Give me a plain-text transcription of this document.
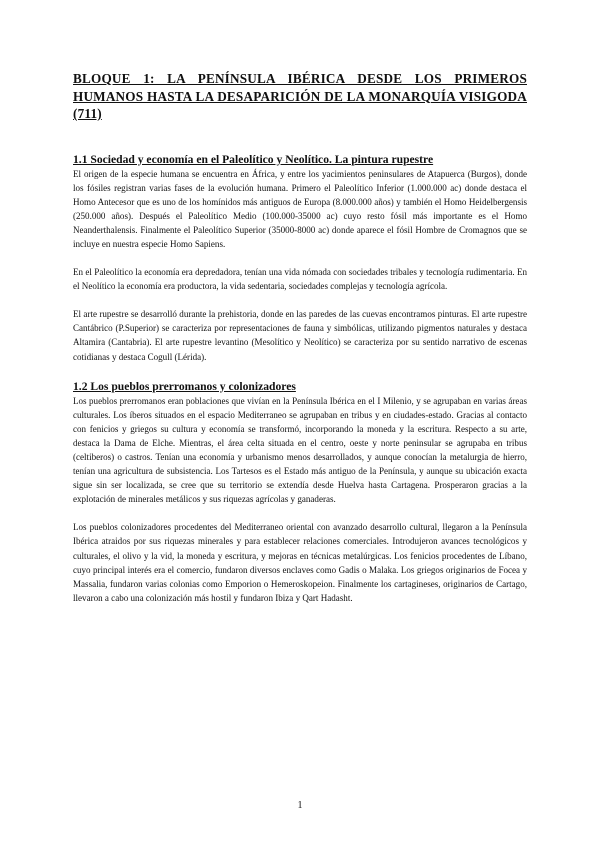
BLOQUE 1: LA PENÍNSULA IBÉRICA DESDE LOS PRIMEROS HUMANOS HASTA LA DESAPARICIÓN DE LA MONARQUÍA VISIGODA (711)
1.1 Sociedad y economía en el Paleolítico y Neolítico. La pintura rupestre

El origen de la especie humana se encuentra en África, y entre los yacimientos peninsulares de Atapuerca (Burgos), donde los fósiles registran varias fases de la evolución humana. Primero el Paleolítico Inferior (1.000.000 ac) donde destaca el Homo Antecesor que es uno de los homínidos más antiguos de Europa (8.000.000 años) y también el Homo Heidelbergensis (250.000 años). Después el Paleolítico Medio (100.000-35000 ac) cuyo resto fósil más importante es el Homo Neanderthalensis. Finalmente el Paleolítico Superior (35000-8000 ac) donde aparece el fósil Hombre de Cromagnos que se incluye en nuestra especie Homo Sapiens.

En el Paleolítico la economía era depredadora, tenían una vida nómada con sociedades tribales y tecnología rudimentaria. En el Neolítico la economía era productora, la vida sedentaria, sociedades complejas y tecnología agrícola.

El arte rupestre se desarrolló durante la prehistoria, donde en las paredes de las cuevas encontramos pinturas. El arte rupestre Cantábrico (P.Superior) se caracteriza por representaciones de fauna y simbólicas, utilizando pigmentos naturales y destaca Altamira (Cantabria). El arte rupestre levantino (Mesolítico y Neolítico) se caracteriza por su sentido narrativo de escenas cotidianas y destaca Cogull (Lérida).

1.2 Los pueblos prerromanos y colonizadores

Los pueblos prerromanos eran poblaciones que vivían en la Península Ibérica en el I Milenio, y se agrupaban en varias áreas culturales. Los íberos situados en el espacio Mediterraneo se agrupaban en tribus y en ciudades-estado. Gracias al contacto con fenicios y griegos su cultura y economía se transformó, incorporando la moneda y la escritura. Respecto a su arte, destaca la Dama de Elche. Mientras, el área celta situada en el centro, oeste y norte peninsular se agrupaba en tribus (celtiberos) o castros. Tenían una economía y urbanismo menos desarrollados, y aunque conocían la metalurgia de hierro, tenían una agricultura de subsistencia. Los Tartesos es el Estado más antiguo de la Península, y aunque su ubicación exacta sigue sin ser localizada, se cree que su territorio se extendía desde Huelva hasta Cartagena. Prosperaron gracias a la explotación de minerales metálicos y sus riquezas agrícolas y ganaderas.

Los pueblos colonizadores procedentes del Mediterraneo oriental con avanzado desarrollo cultural, llegaron a la Península Ibérica atraidos por sus riquezas minerales y para establecer relaciones comerciales. Introdujeron avances tecnológicos y culturales, el olivo y la vid, la moneda y escritura, y mejoras en técnicas metalúrgicas. Los fenicios procedentes de Líbano, cuyo principal interés era el comercio, fundaron diversos enclaves como Gadis o Malaka. Los griegos originarios de Focea y Massalia, fundaron varias colonias como Emporion o Hemeroskopeion. Finalmente los cartagineses, originarios de Cartago, llevaron a cabo una colonización más hostil y fundaron Ibiza y Qart Hadasht.

1
